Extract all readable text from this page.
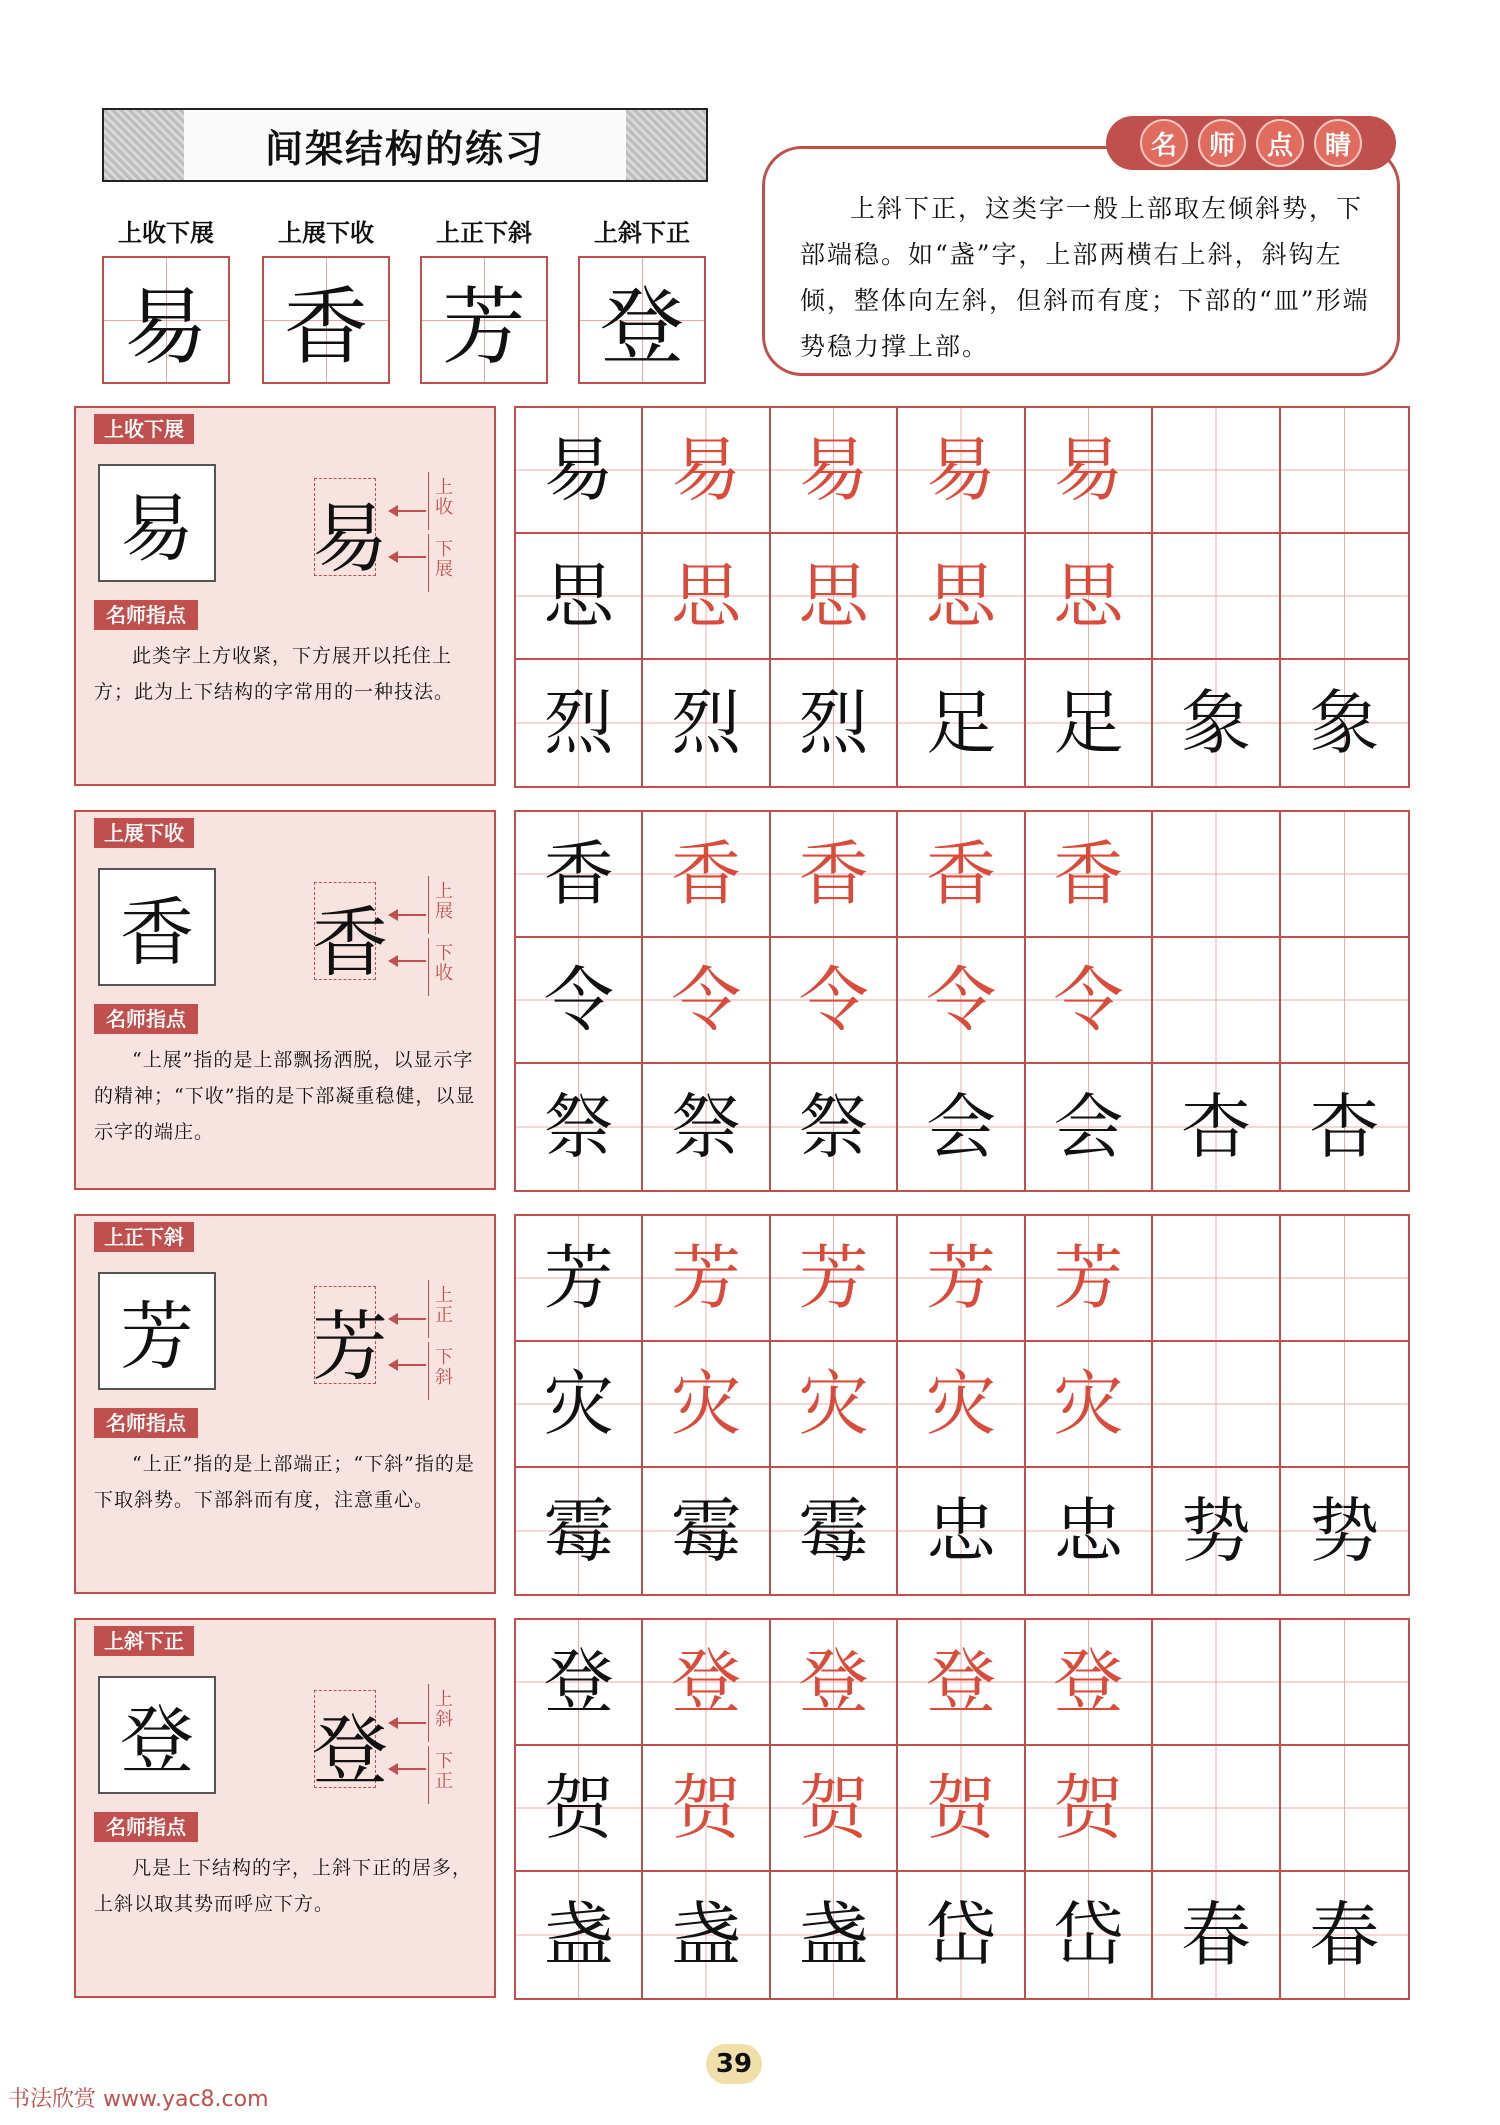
间架结构的练习
上收下展
易
上展下收
香
上正下斜
芳
上斜下正
登
名	师	点	睛
上斜下正，这类字一般上部取左倾斜势，下部端稳。如“盏”字，上部两横右上斜，斜钩左倾，整体向左斜，但斜而有度；下部的“皿”形端势稳力撑上部。
上收下展
易 易
上收
下展
名师指点
此类字上方收紧，下方展开以托住上方；此为上下结构的字常用的一种技法。
易 易 易 易 易
思 思 思 思 思
烈 烈 烈 足 足 象 象
上展下收
香 香
上展
下收
名师指点
“上展”指的是上部飘扬洒脱，以显示字的精神；“下收”指的是下部凝重稳健，以显示字的端庄。
香 香 香 香 香
令 令 令 令 令
祭 祭 祭 会 会 杏 杏
上正下斜
芳 芳
上正
下斜
名师指点
“上正”指的是上部端正；“下斜”指的是下取斜势。下部斜而有度，注意重心。
芳 芳 芳 芳 芳
灾 灾 灾 灾 灾
霉 霉 霉 忠 忠 势 势
上斜下正
登 登
上斜
下正
名师指点
凡是上下结构的字，上斜下正的居多，上斜以取其势而呼应下方。
登 登 登 登 登
贺 贺 贺 贺 贺
盏 盏 盏 岱 岱 春 春
39
书法欣赏 www.yac8.com
